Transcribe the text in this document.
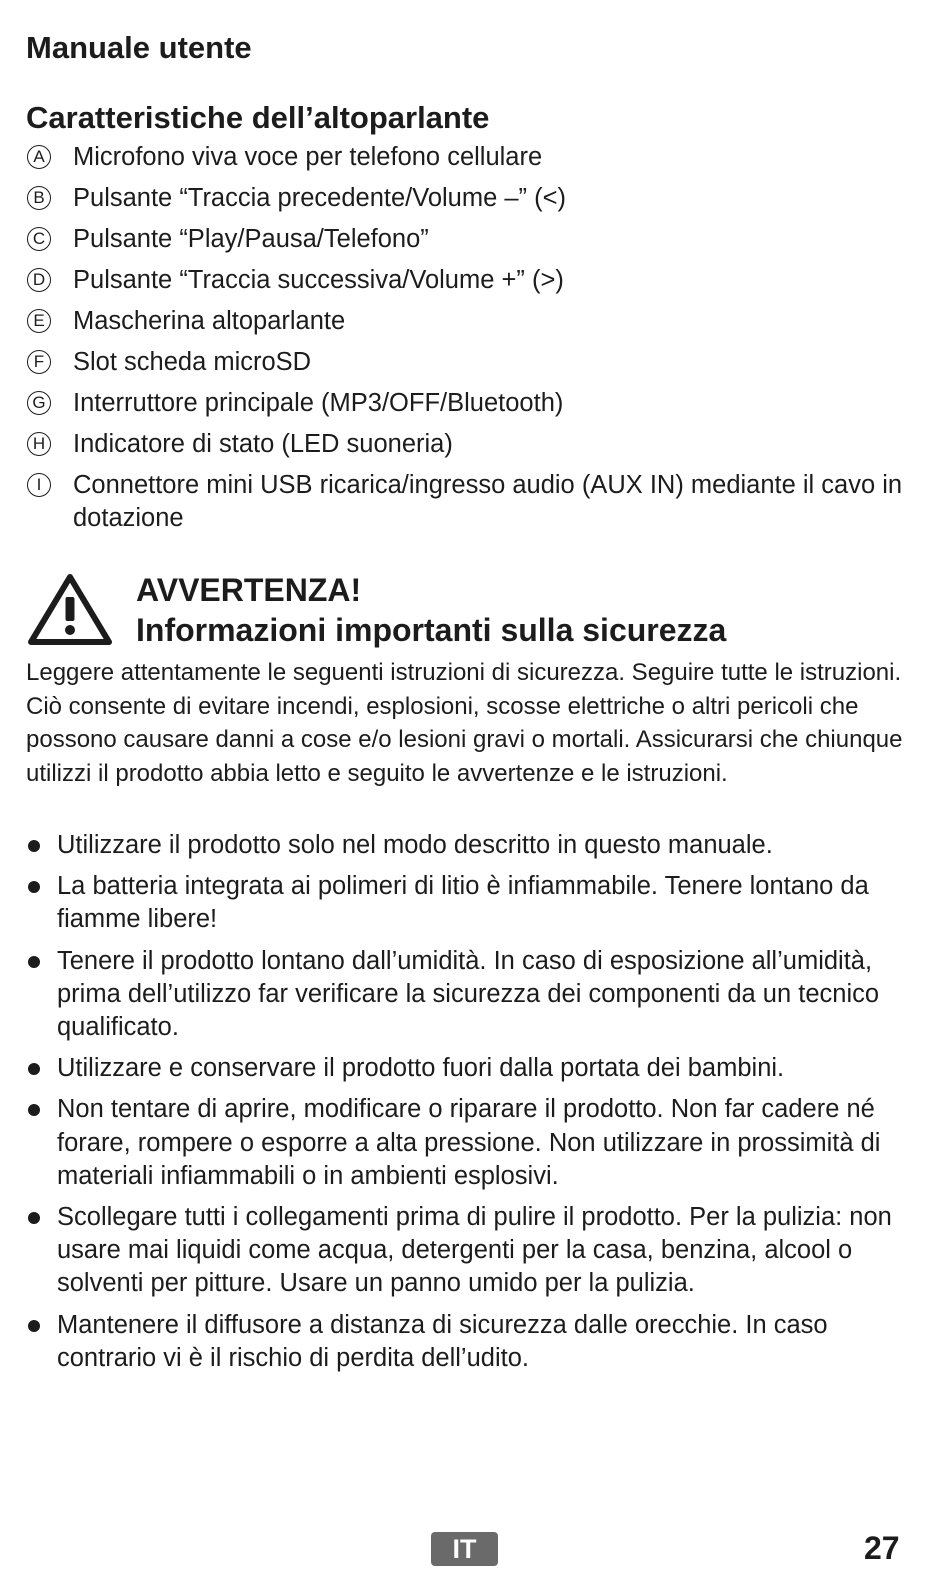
Manuale utente
Caratteristiche dell’altoparlante
A Microfono viva voce per telefono cellulare
B Pulsante “Traccia precedente/Volume –” (<)
C Pulsante “Play/Pausa/Telefono”
D Pulsante “Traccia successiva/Volume +” (>)
E Mascherina altoparlante
F Slot scheda microSD
G Interruttore principale (MP3/OFF/Bluetooth)
H Indicatore di stato (LED suoneria)
I	Connettore mini USB ricarica/ingresso audio (AUX IN) mediante il cavo in dotazione
AVVERTENZA!
Informazioni importanti sulla sicurezza

Leggere attentamente le seguenti istruzioni di sicurezza. Seguire tutte le istruzioni. Ciò consente di evitare incendi, esplosioni, scosse elettriche o altri pericoli che possono causare danni a cose e/o lesioni gravi o mortali. Assicurarsi che chiunque utilizzi il prodotto abbia letto e seguito le avvertenze e le istruzioni.

Utilizzare il prodotto solo nel modo descritto in questo manuale.
La batteria integrata ai polimeri di litio è infiammabile. Tenere lontano da fiamme libere!
Tenere il prodotto lontano dall’umidità. In caso di esposizione all’umidità, prima dell’utilizzo far verificare la sicurezza dei componenti da un tecnico qualificato.
Utilizzare e conservare il prodotto fuori dalla portata dei bambini.
Non tentare di aprire, modificare o riparare il prodotto. Non far cadere né forare, rompere o esporre a alta pressione. Non utilizzare in prossimità di materiali infiammabili o in ambienti esplosivi.
Scollegare tutti i collegamenti prima di pulire il prodotto. Per la pulizia: non usare mai liquidi come acqua, detergenti per la casa, benzina, alcool o solventi per pitture. Usare un panno umido per la pulizia.
Mantenere il diffusore a distanza di sicurezza dalle orecchie. In caso contrario vi è il rischio di perdita dell’udito.
IT	27
